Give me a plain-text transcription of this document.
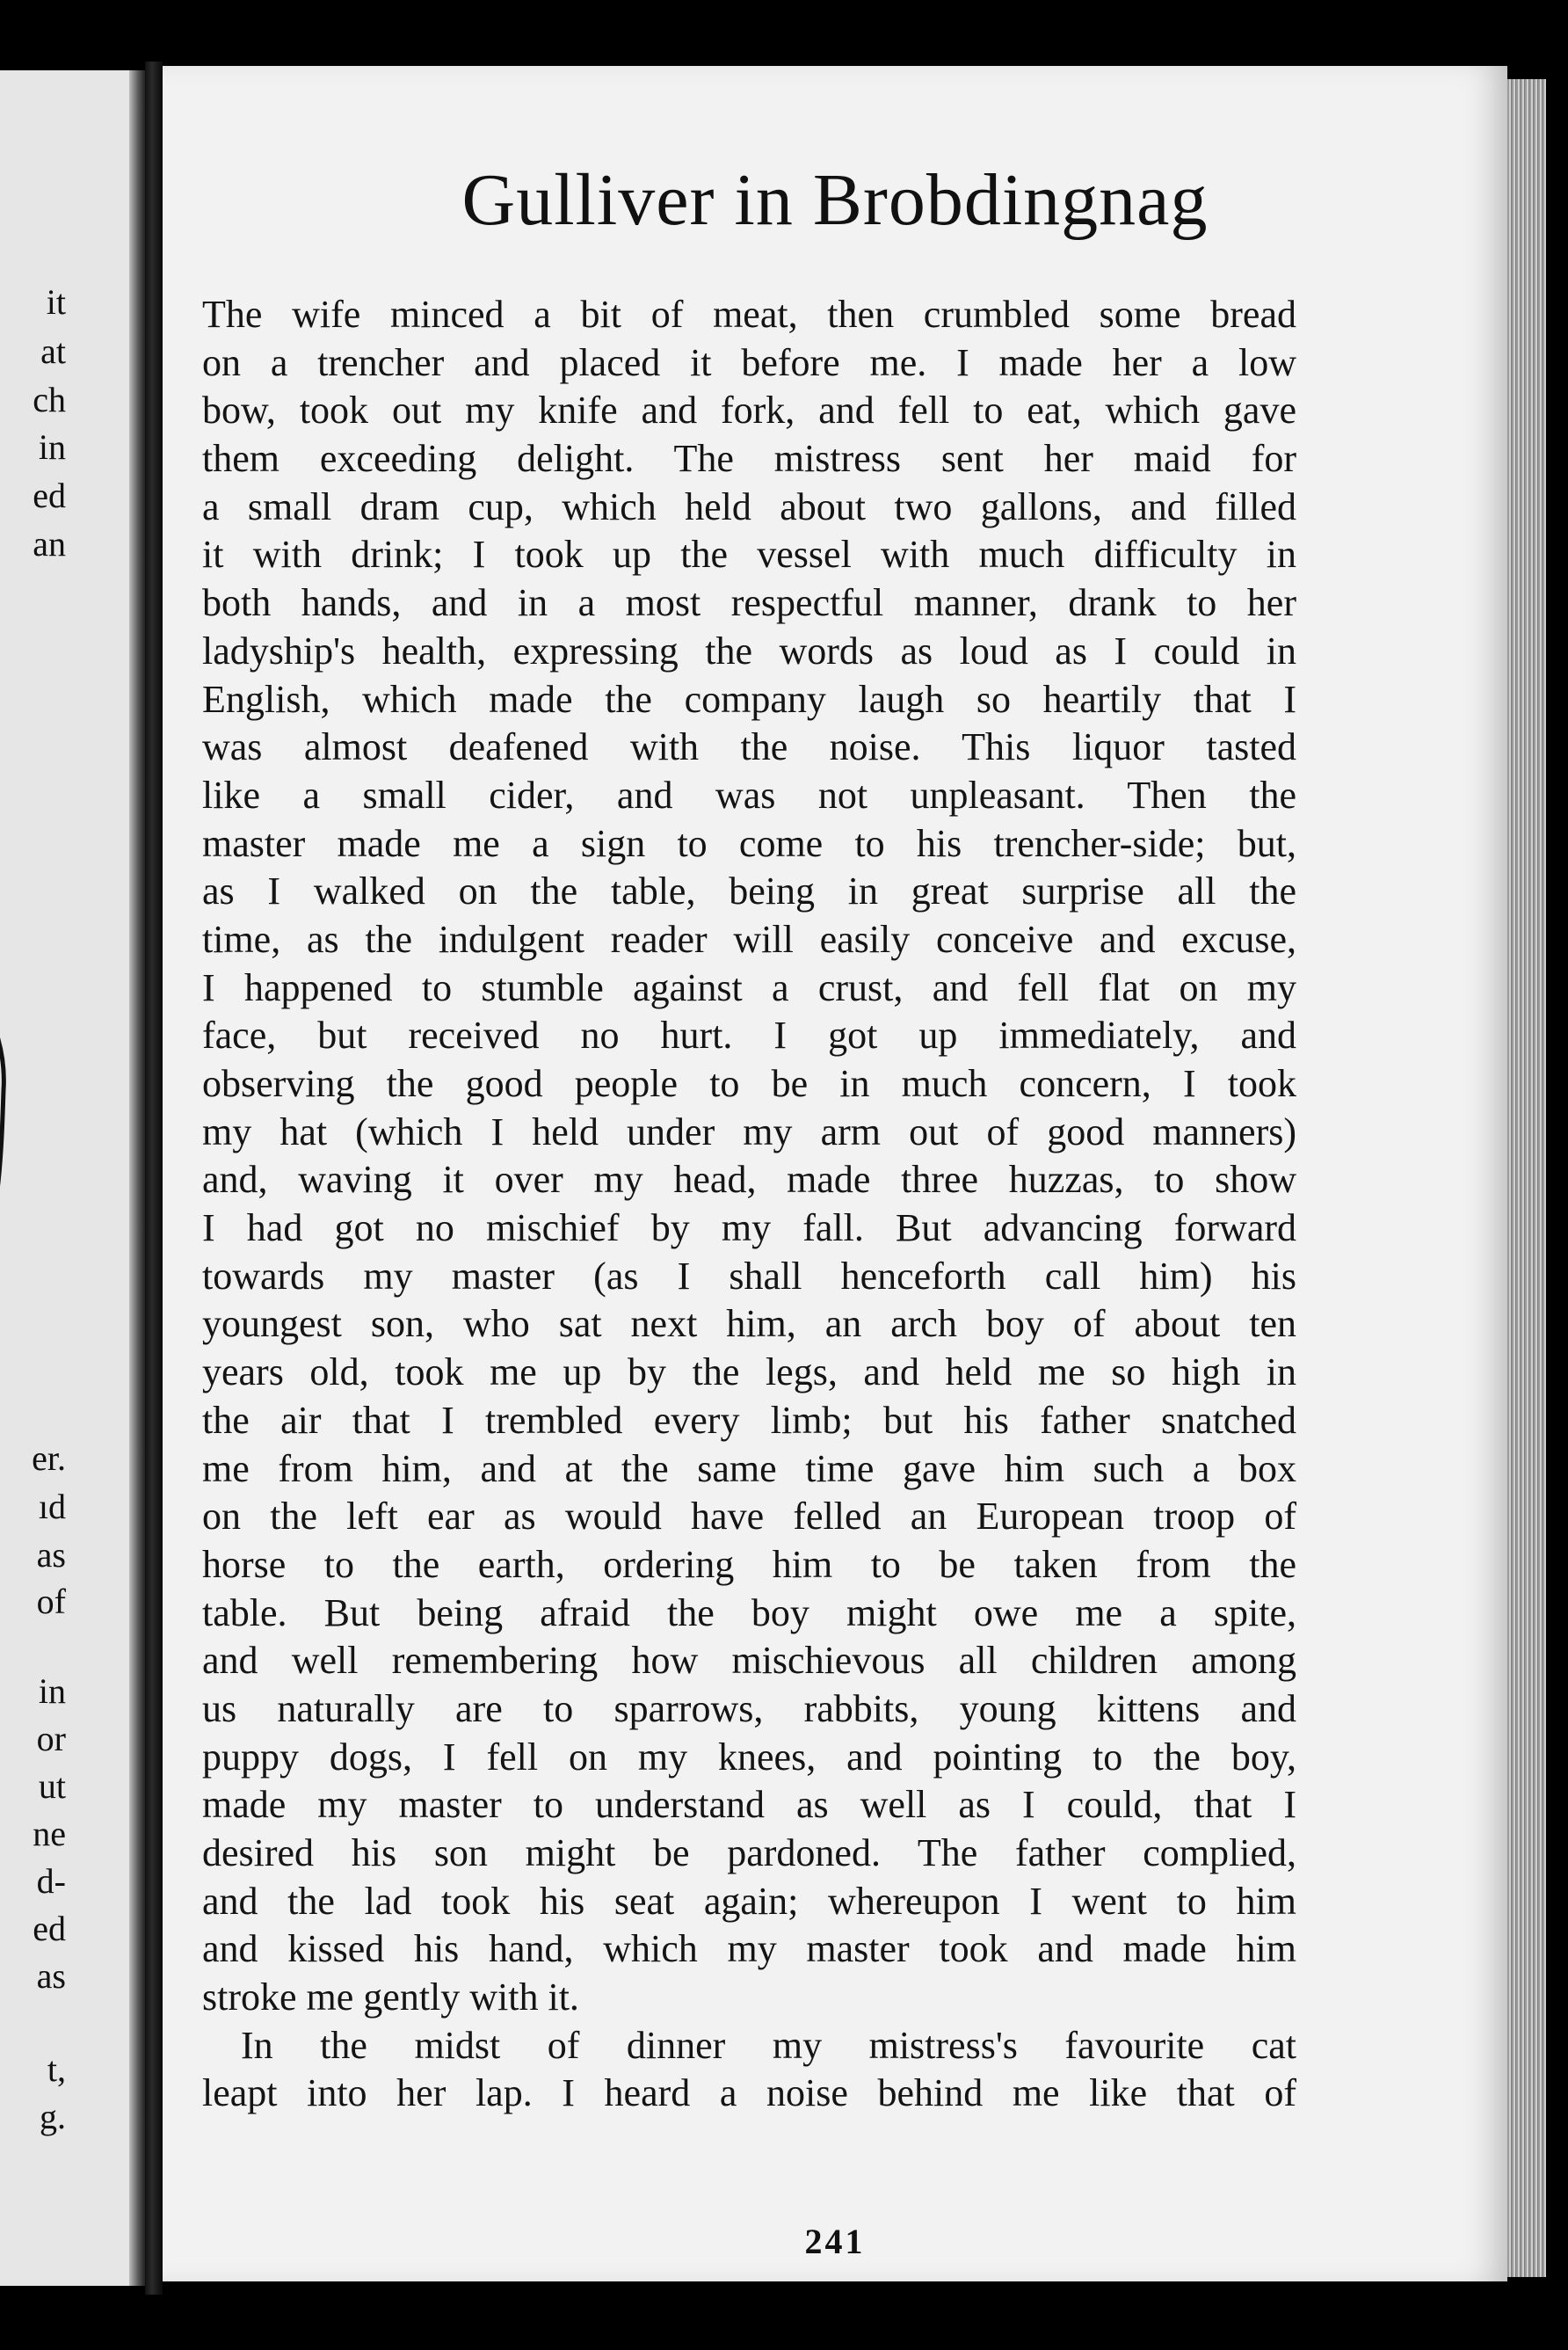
it
at
ch
in
ed
an
er.
ıd
as
of
in
or
ut
ne
d-
ed
as
t,
g.
Gulliver in Brobdingnag
The wife minced a bit of meat, then crumbled some bread
on a trencher and placed it before me. I made her a low
bow, took out my knife and fork, and fell to eat, which gave
them exceeding delight. The mistress sent her maid for
a small dram cup, which held about two gallons, and filled
it with drink; I took up the vessel with much difficulty in
both hands, and in a most respectful manner, drank to her
ladyship's health, expressing the words as loud as I could in
English, which made the company laugh so heartily that I
was almost deafened with the noise. This liquor tasted
like a small cider, and was not unpleasant. Then the
master made me a sign to come to his trencher-side; but,
as I walked on the table, being in great surprise all the
time, as the indulgent reader will easily conceive and excuse,
I happened to stumble against a crust, and fell flat on my
face, but received no hurt. I got up immediately, and
observing the good people to be in much concern, I took
my hat (which I held under my arm out of good manners)
and, waving it over my head, made three huzzas, to show
I had got no mischief by my fall. But advancing forward
towards my master (as I shall henceforth call him) his
youngest son, who sat next him, an arch boy of about ten
years old, took me up by the legs, and held me so high in
the air that I trembled every limb; but his father snatched
me from him, and at the same time gave him such a box
on the left ear as would have felled an European troop of
horse to the earth, ordering him to be taken from the
table. But being afraid the boy might owe me a spite,
and well remembering how mischievous all children among
us naturally are to sparrows, rabbits, young kittens and
puppy dogs, I fell on my knees, and pointing to the boy,
made my master to understand as well as I could, that I
desired his son might be pardoned. The father complied,
and the lad took his seat again; whereupon I went to him
and kissed his hand, which my master took and made him
stroke me gently with it.
In the midst of dinner my mistress's favourite cat
leapt into her lap. I heard a noise behind me like that of
241
